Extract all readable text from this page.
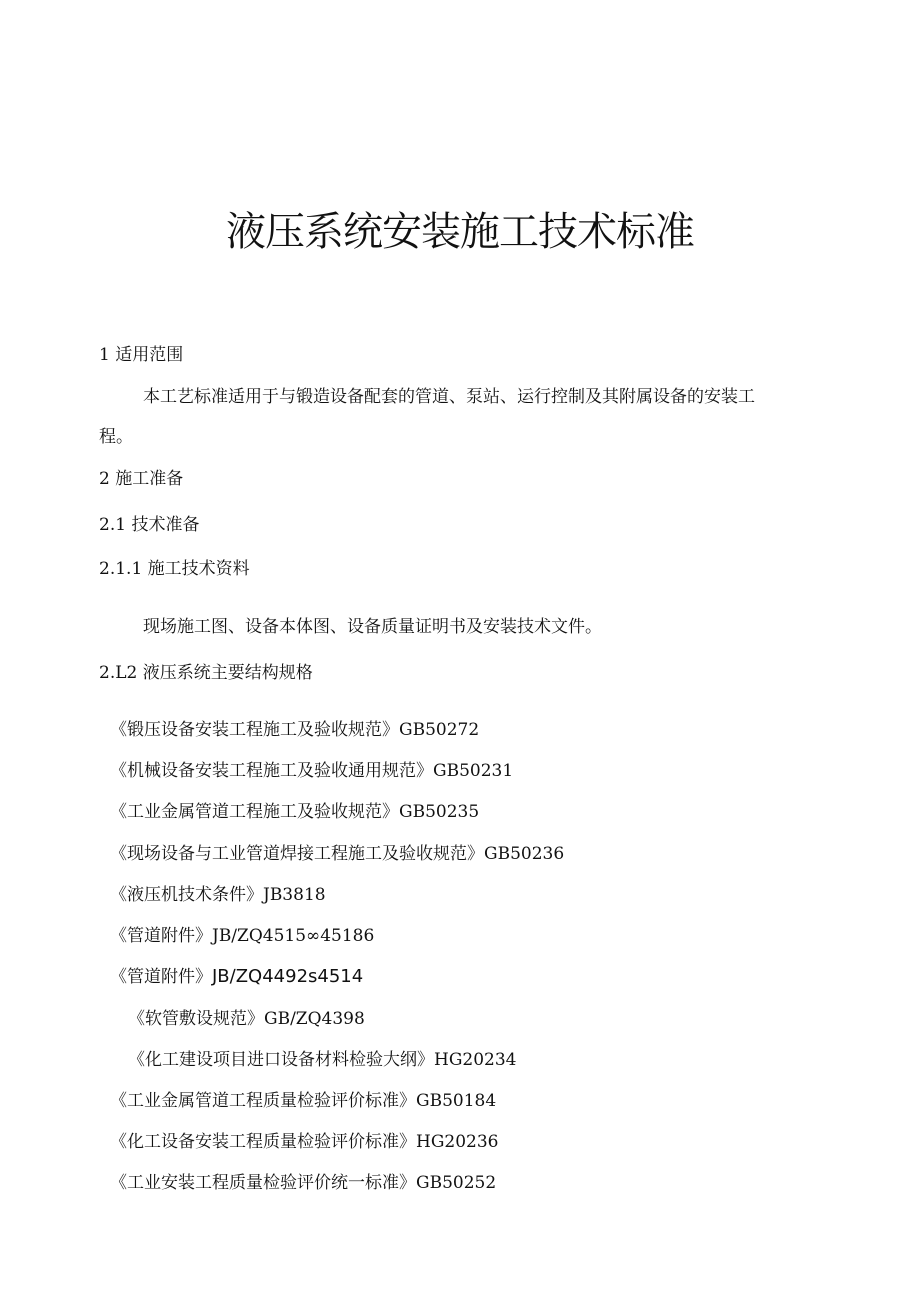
液压系统安装施工技术标准
1 适用范围
本工艺标准适用于与锻造设备配套的管道、泵站、运行控制及其附属设备的安装工
程。
2 施工准备
2.1 技术准备
2.1.1 施工技术资料
现场施工图、设备本体图、设备质量证明书及安装技术文件。
2.L2 液压系统主要结构规格
《锻压设备安装工程施工及验收规范》GB50272
《机械设备安装工程施工及验收通用规范》GB50231
《工业金属管道工程施工及验收规范》GB50235
《现场设备与工业管道焊接工程施工及验收规范》GB50236
《液压机技术条件》JB3818
《管道附件》JB∕ZQ4515∞45186
《管道附件》JB∕ZQ4492s4514
《软管敷设规范》GB/ZQ4398
《化工建设项目进口设备材料检验大纲》HG20234
《工业金属管道工程质量检验评价标准》GB50184
《化工设备安装工程质量检验评价标准》HG20236
《工业安装工程质量检验评价统一标准》GB50252
